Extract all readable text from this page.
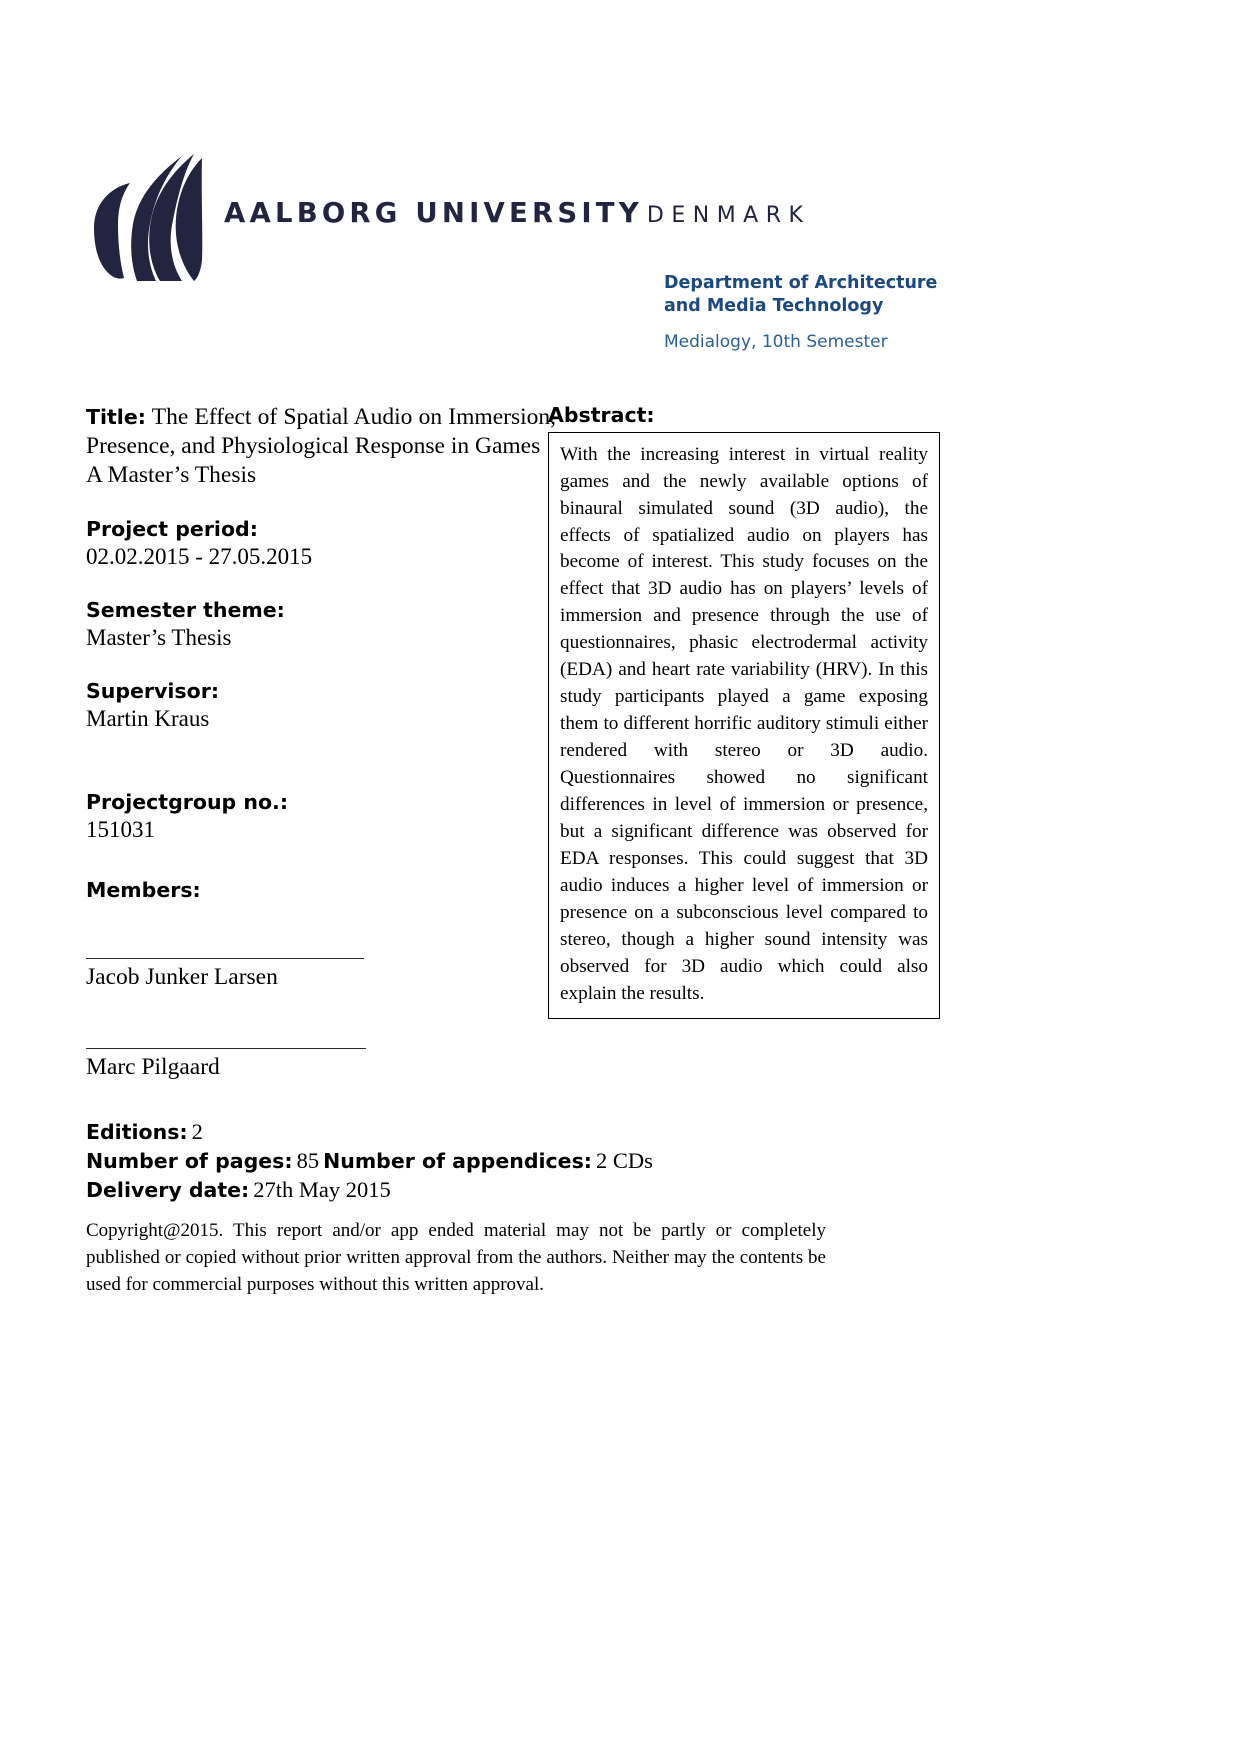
AALBORG UNIVERSITY DENMARK
Department of Architecture
and Media Technology
Medialogy, 10th Semester

Title: The Effect of Spatial Audio on Immersion, Presence, and Physiological Response in Games

A Master’s Thesis

Project period:
02.02.2015 - 27.05.2015
Semester theme:
Master’s Thesis
Supervisor:
Martin Kraus
Projectgroup no.:
151031
Members:
Jacob Junker Larsen
Marc Pilgaard
Abstract:

With the increasing interest in virtual reality games and the newly available options of binaural simulated sound (3D audio), the effects of spatialized audio on players has become of interest. This study focuses on the effect that 3D audio has on players’ levels of immersion and presence through the use of questionnaires, phasic electrodermal activity (EDA) and heart rate variability (HRV). In this study participants played a game exposing them to different horrific auditory stimuli either rendered with stereo or 3D audio. Questionnaires showed no significant differences in level of immersion or presence, but a significant difference was observed for EDA responses. This could suggest that 3D audio induces a higher level of immersion or presence on a subconscious level compared to stereo, though a higher sound intensity was observed for 3D audio which could also explain the results.

Editions: 2
Number of pages: 85 Number of appendices: 2 CDs
Delivery date: 27th May 2015
Copyright@2015. This report and/or app ended material may not be partly or completely published or copied without prior written approval from the authors. Neither may the contents be used for commercial purposes without this written approval.
